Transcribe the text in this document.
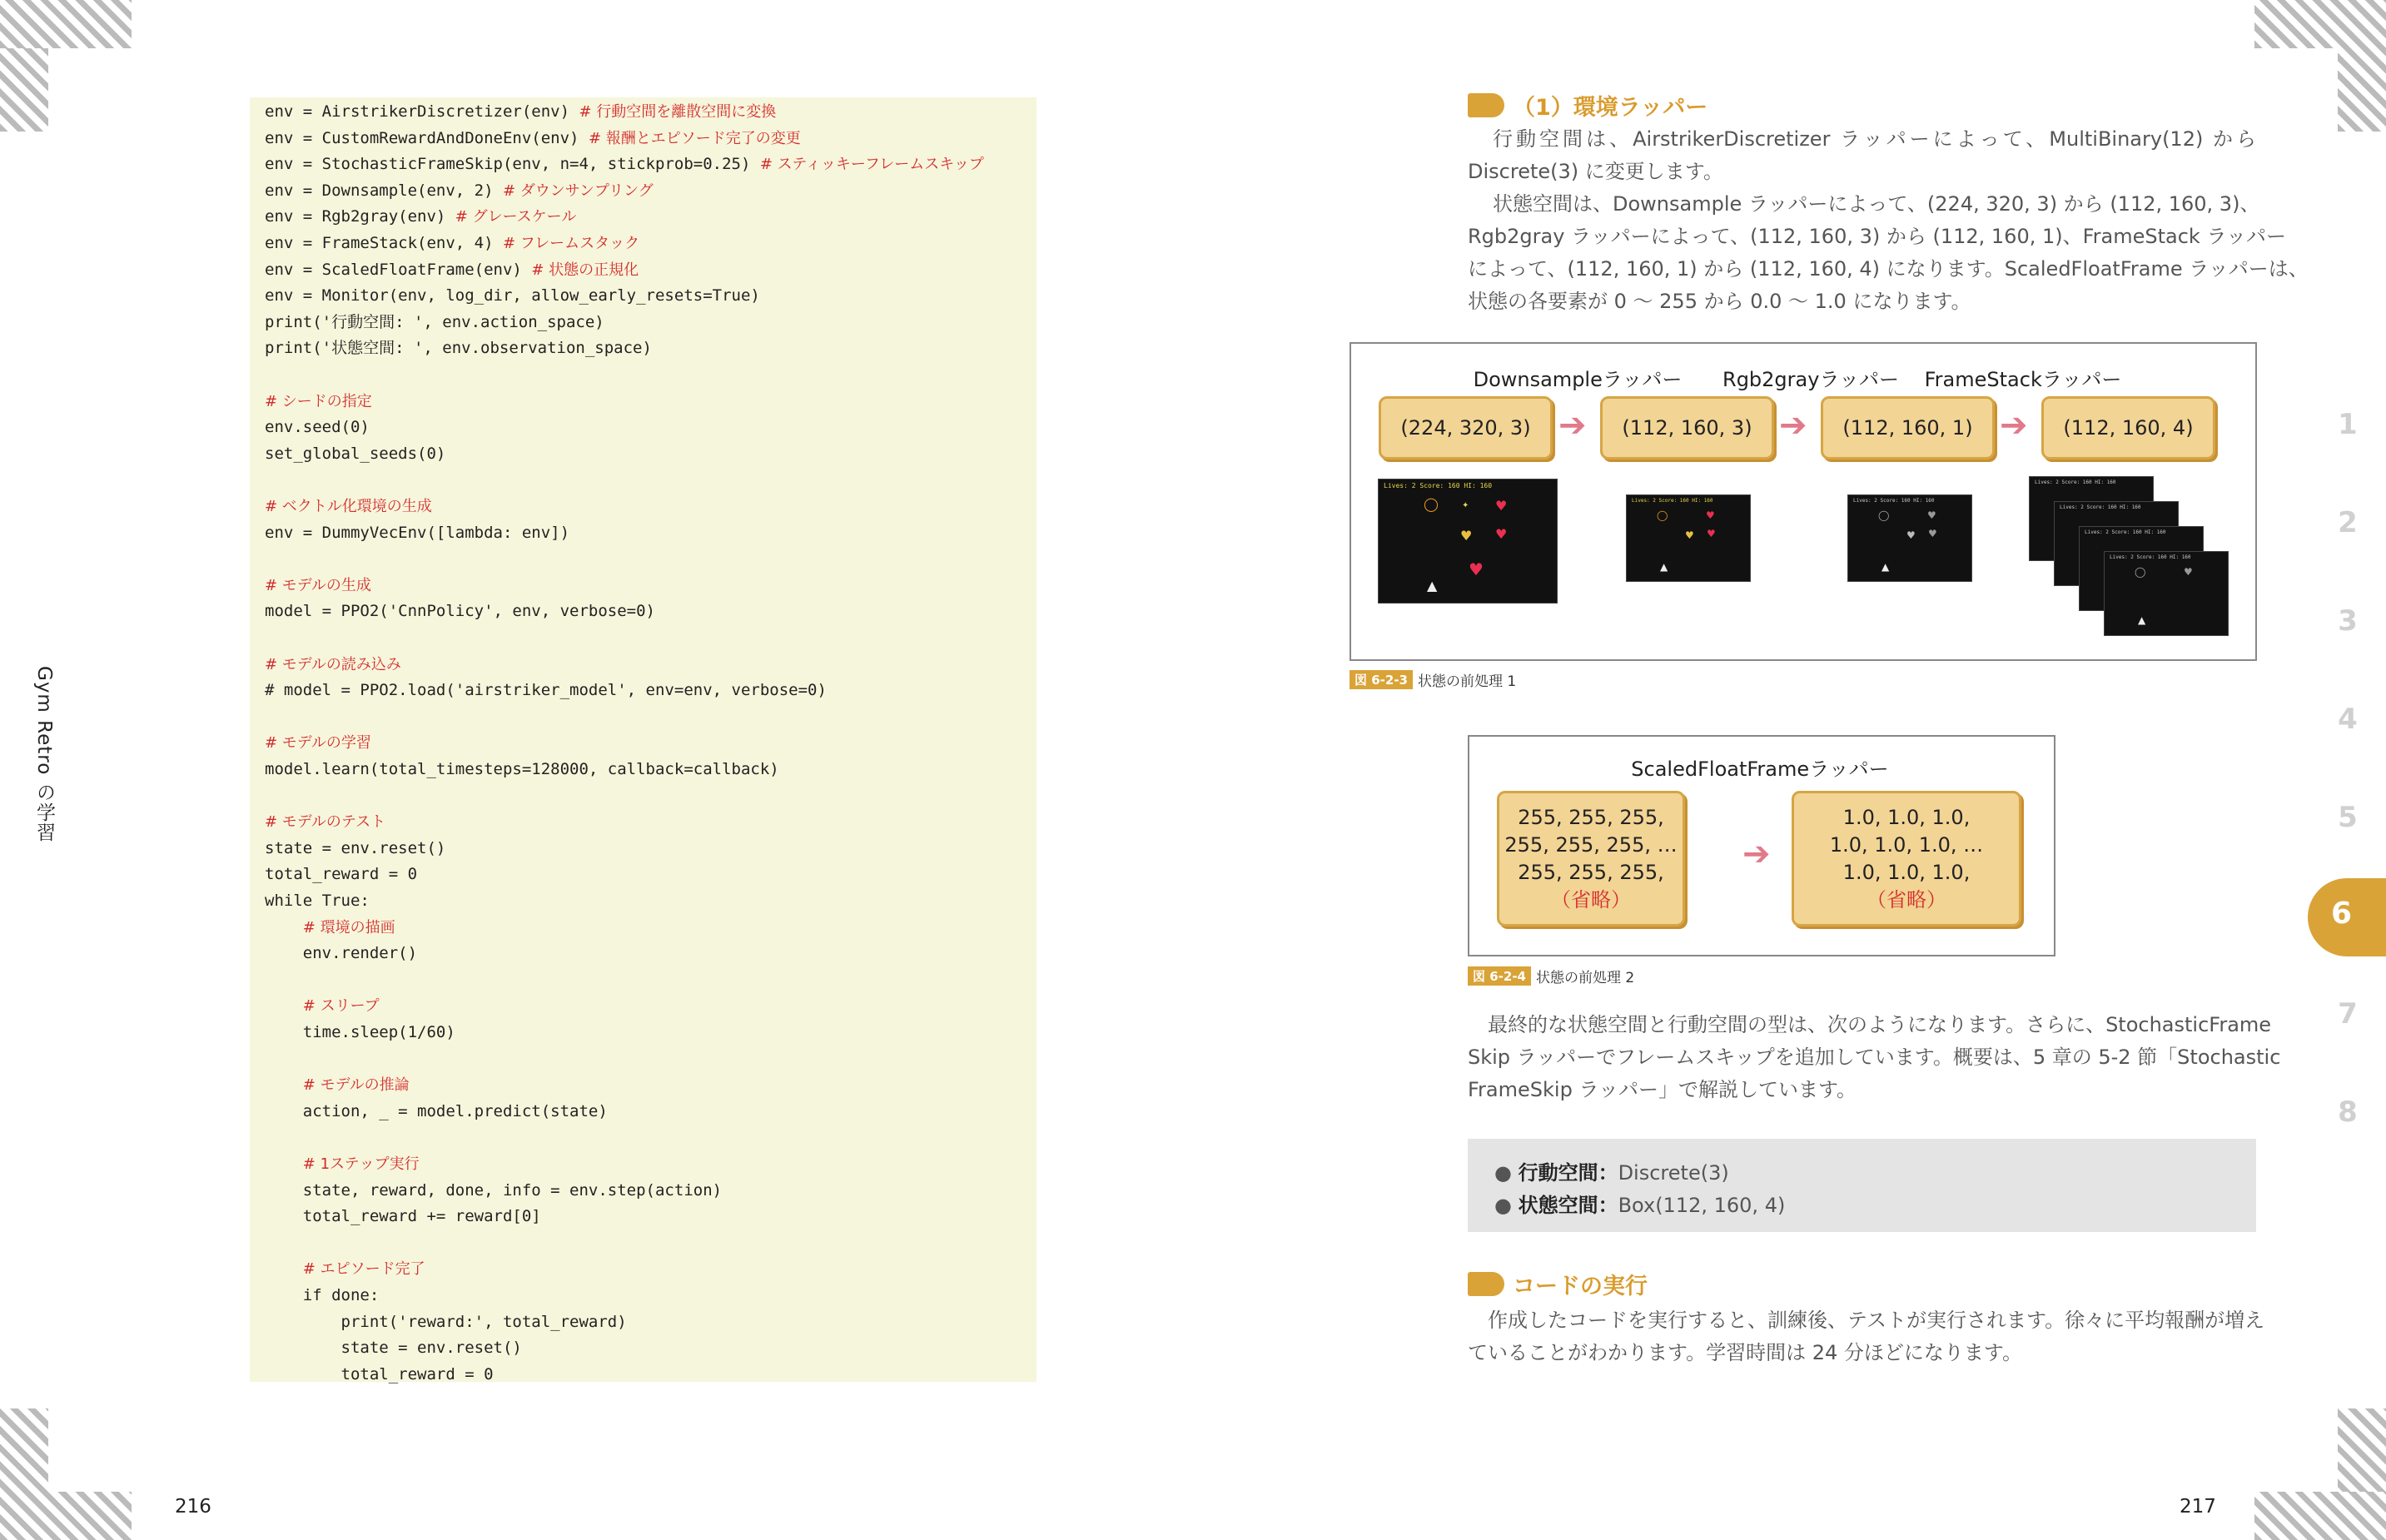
Gym Retro の学習
env = AirstrikerDiscretizer(env) # 行動空間を離散空間に変換
env = CustomRewardAndDoneEnv(env) # 報酬とエピソード完了の変更
env = StochasticFrameSkip(env, n=4, stickprob=0.25) # スティッキーフレームスキップ
env = Downsample(env, 2) # ダウンサンプリング
env = Rgb2gray(env) # グレースケール
env = FrameStack(env, 4) # フレームスタック
env = ScaledFloatFrame(env) # 状態の正規化
env = Monitor(env, log_dir, allow_early_resets=True)
print('行動空間: ', env.action_space)
print('状態空間: ', env.observation_space)
# シードの指定
env.seed(0)
set_global_seeds(0)
# ベクトル化環境の生成
env = DummyVecEnv([lambda: env])
# モデルの生成
model = PPO2('CnnPolicy', env, verbose=0)
# モデルの読み込み
# model = PPO2.load('airstriker_model', env=env, verbose=0)
# モデルの学習
model.learn(total_timesteps=128000, callback=callback)
# モデルのテスト
state = env.reset()
total_reward = 0
while True:
# 環境の描画
env.render()
# スリープ
time.sleep(1/60)
# モデルの推論
action, _ = model.predict(state)
# 1ステップ実行
state, reward, done, info = env.step(action)
total_reward += reward[0]
# エピソード完了
if done:
print('reward:', total_reward)
state = env.reset()
total_reward = 0
216
（1）環境ラッパー
行動空間は、AirstrikerDiscretizer ラッパーによって、MultiBinary(12) から
Discrete(3) に変更します。
状態空間は、Downsample ラッパーによって、(224, 320, 3) から (112, 160, 3)、
Rgb2gray ラッパーによって、(112, 160, 3) から (112, 160, 1)、FrameStack ラッパー
によって、(112, 160, 1) から (112, 160, 4) になります。ScaledFloatFrame ラッパーは、
状態の各要素が 0 ～ 255 から 0.0 ～ 1.0 になります。
Downsampleラッパー	Rgb2grayラッパー	FrameStackラッパー
(224, 320, 3) ➔ (112, 160, 3) ➔ (112, 160, 1) ➔ (112, 160, 4)
Lives: 2 Score: 160 HI: 160
◯	✦ ♥
♥ ♥
♥
▲
Lives: 2 Score: 160 HI: 160
◯	♥
♥ ♥
▲
Lives: 2 Score: 160 HI: 160
◯	♥
♥ ♥
▲
Lives: 2 Score: 160 HI: 160
Lives: 2 Score: 160 HI: 160
Lives: 2 Score: 160 HI: 160
Lives: 2 Score: 160 HI: 160
◯	♥
▲
図 6-2-3 状態の前処理 1
ScaledFloatFrameラッパー
255, 255, 255,
255, 255, 255, …
255, 255, 255,
（省略）
➔
1.0, 1.0, 1.0,
1.0, 1.0, 1.0, …
1.0, 1.0, 1.0,
（省略）
図 6-2-4 状態の前処理 2
最終的な状態空間と行動空間の型は、次のようになります。さらに、StochasticFrame
Skip ラッパーでフレームスキップを追加しています。概要は、5 章の 5-2 節「Stochastic
FrameSkip ラッパー」で解説しています。
● 行動空間：Discrete(3)
● 状態空間：Box(112, 160, 4)
コードの実行
作成したコードを実行すると、訓練後、テストが実行されます。徐々に平均報酬が増え
ていることがわかります。学習時間は 24 分ほどになります。
217
1
2
3
4
5
6
7
8
